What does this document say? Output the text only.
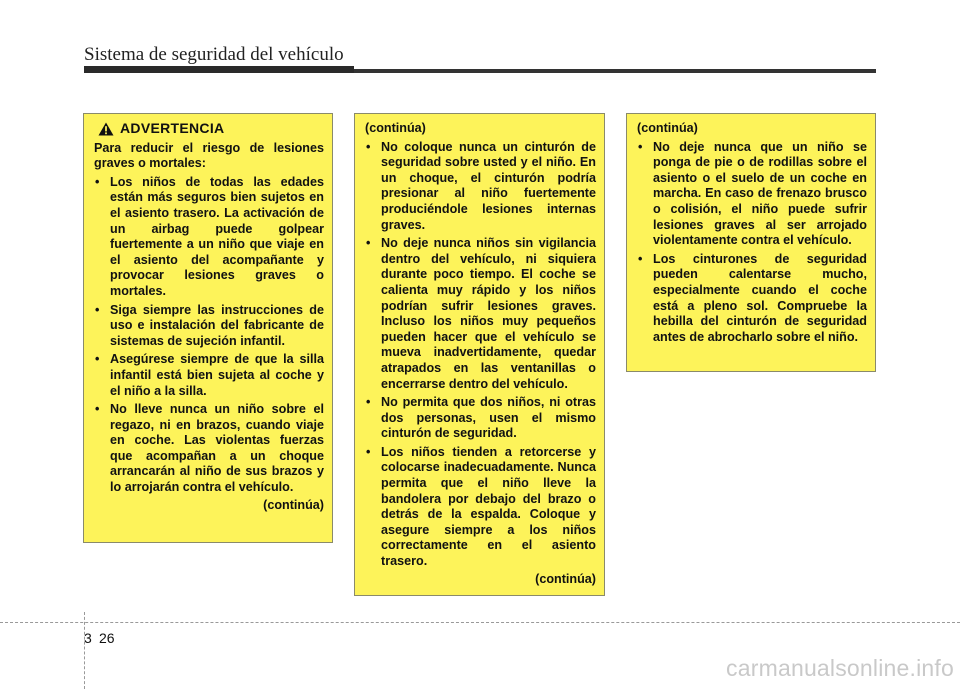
Sistema de seguridad del vehículo
ADVERTENCIA
Para reducir el riesgo de lesiones graves o mortales:
• Los niños de todas las edades están más seguros bien sujetos en el asiento trasero. La activación de un airbag puede golpear fuertemente a un niño que viaje en el asiento del acompañante y provocar lesiones graves o mortales.
• Siga siempre las instrucciones de uso e instalación del fabricante de sistemas de sujeción infantil.
• Asegúrese siempre de que la silla infantil está bien sujeta al coche y el niño a la silla.
• No lleve nunca un niño sobre el regazo, ni en brazos, cuando viaje en coche. Las violentas fuerzas que acompañan a un choque arrancarán al niño de sus brazos y lo arrojarán contra el vehículo.
(continúa)
(continúa)
• No coloque nunca un cinturón de seguridad sobre usted y el niño. En un choque, el cinturón podría presionar al niño fuertemente produciéndole lesiones internas graves.
• No deje nunca niños sin vigilancia dentro del vehículo, ni siquiera durante poco tiempo. El coche se calienta muy rápido y los niños podrían sufrir lesiones graves. Incluso los niños muy pequeños pueden hacer que el vehículo se mueva inadvertidamente, quedar atrapados en las ventanillas o encerrarse dentro del vehículo.
• No permita que dos niños, ni otras dos personas, usen el mismo cinturón de seguridad.
• Los niños tienden a retorcerse y colocarse inadecuadamente. Nunca permita que el niño lleve la bandolera por debajo del brazo o detrás de la espalda. Coloque y asegure siempre a los niños correctamente en el asiento trasero.
(continúa)
(continúa)
• No deje nunca que un niño se ponga de pie o de rodillas sobre el asiento o el suelo de un coche en marcha. En caso de frenazo brusco o colisión, el niño puede sufrir lesiones graves al ser arrojado violentamente contra el vehículo.
• Los cinturones de seguridad pueden calentarse mucho, especialmente cuando el coche está a pleno sol. Compruebe la hebilla del cinturón de seguridad antes de abrocharlo sobre el niño.
3 26
carmanualsonline.info
